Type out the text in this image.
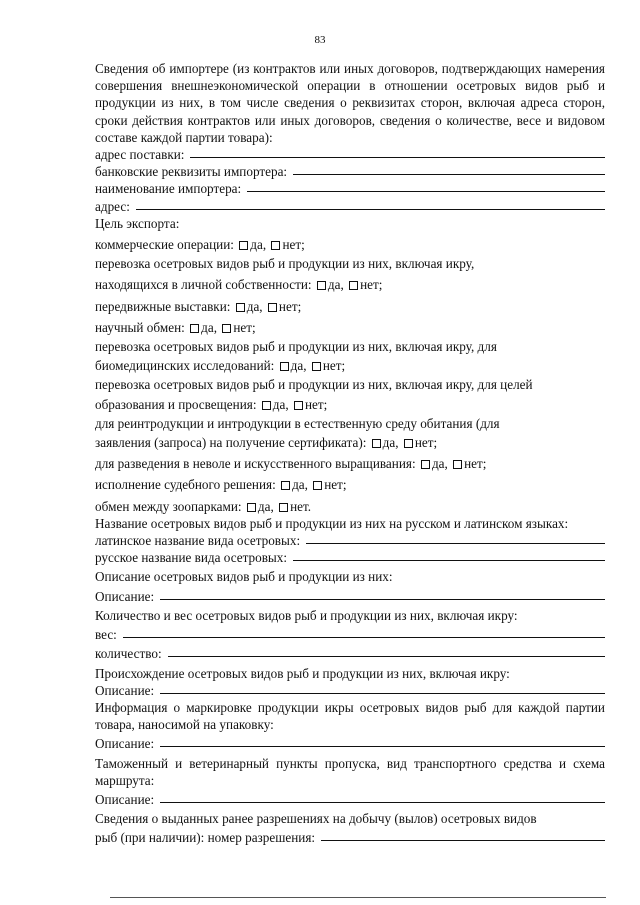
83

Сведения об импортере (из контрактов или иных договоров, подтверждающих намерения совершения внешнеэкономической операции в отношении осетровых видов рыб и продукции из них, в том числе сведения о реквизитах сторон, включая адреса сторон, сроки действия контрактов или иных договоров, сведения о количестве, весе и видовом составе каждой партии товара):

адрес поставки:
банковские реквизиты импортера:
наименование импортера:
адрес:

Цель экспорта:

коммерческие операции: да, нет;

перевозка осетровых видов рыб и продукции из них, включая икру,

находящихся в личной собственности: да, нет;

передвижные выставки: да, нет;

научный обмен: да, нет;

перевозка осетровых видов рыб и продукции из них, включая икру, для

биомедицинских исследований: да, нет;

перевозка осетровых видов рыб и продукции из них, включая икру, для целей

образования и просвещения: да, нет;

для реинтродукции и интродукции в естественную среду обитания (для

заявления (запроса) на получение сертификата): да, нет;

для разведения в неволе и искусственного выращивания: да, нет;

исполнение судебного решения: да, нет;

обмен между зоопарками: да, нет.

Название осетровых видов рыб и продукции из них на русском и латинском языках:

латинское название вида осетровых:
русское название вида осетровых:

Описание осетровых видов рыб и продукции из них:

Описание:

Количество и вес осетровых видов рыб и продукции из них, включая икру:

вес:
количество:

Происхождение осетровых видов рыб и продукции из них, включая икру:

Описание:

Информация о маркировке продукции икры осетровых видов рыб для каждой партии товара, наносимой на упаковку:

Описание:

Таможенный и ветеринарный пункты пропуска, вид транспортного средства и схема маршрута:

Описание:

Сведения о выданных ранее разрешениях на добычу (вылов) осетровых видов

рыб (при наличии): номер разрешения:
